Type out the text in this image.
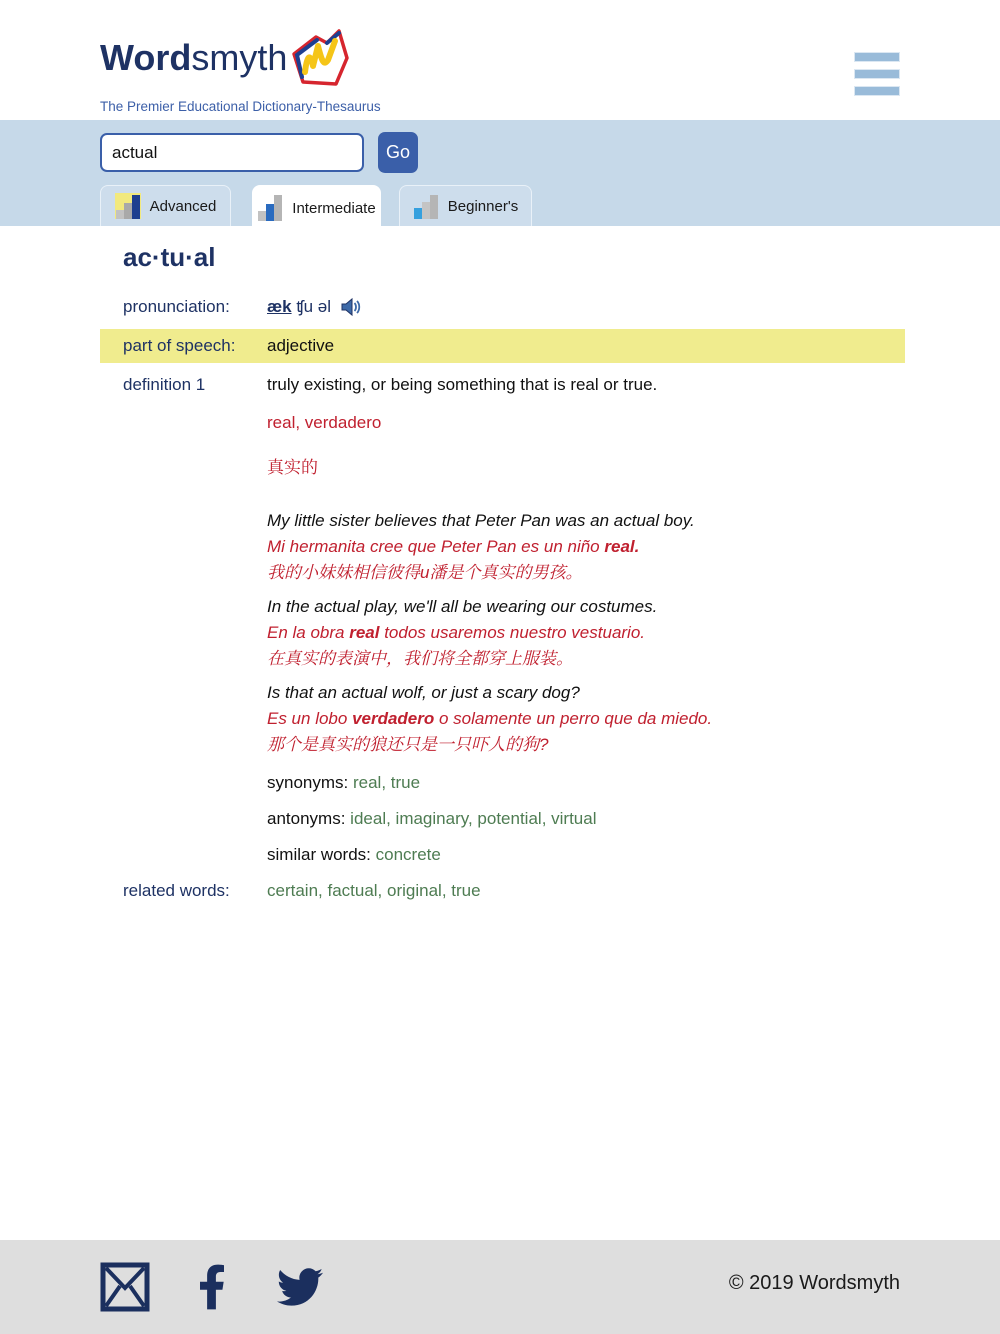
Wordsmyth
The Premier Educational Dictionary-Thesaurus
actual
Go
Advanced	Intermediate	Beginner's
ac·tu·al
pronunciation:	æk ʧu əl
part of speech:	adjective
definition 1	truly existing, or being something that is real or true.
real, verdadero
真实的
My little sister believes that Peter Pan was an actual boy.
Mi hermanita cree que Peter Pan es un niño real.
我的小妹妹相信彼得u潘是个真实的男孩。
In the actual play, we'll all be wearing our costumes.
En la obra real todos usaremos nuestro vestuario.
在真实的表演中，我们将全都穿上服装。
Is that an actual wolf, or just a scary dog?
Es un lobo verdadero o solamente un perro que da miedo.
那个是真实的狼还只是一只吓人的狗?
synonyms: real, true
antonyms: ideal, imaginary, potential, virtual
similar words: concrete
related words:	certain, factual, original, true
© 2019 Wordsmyth
